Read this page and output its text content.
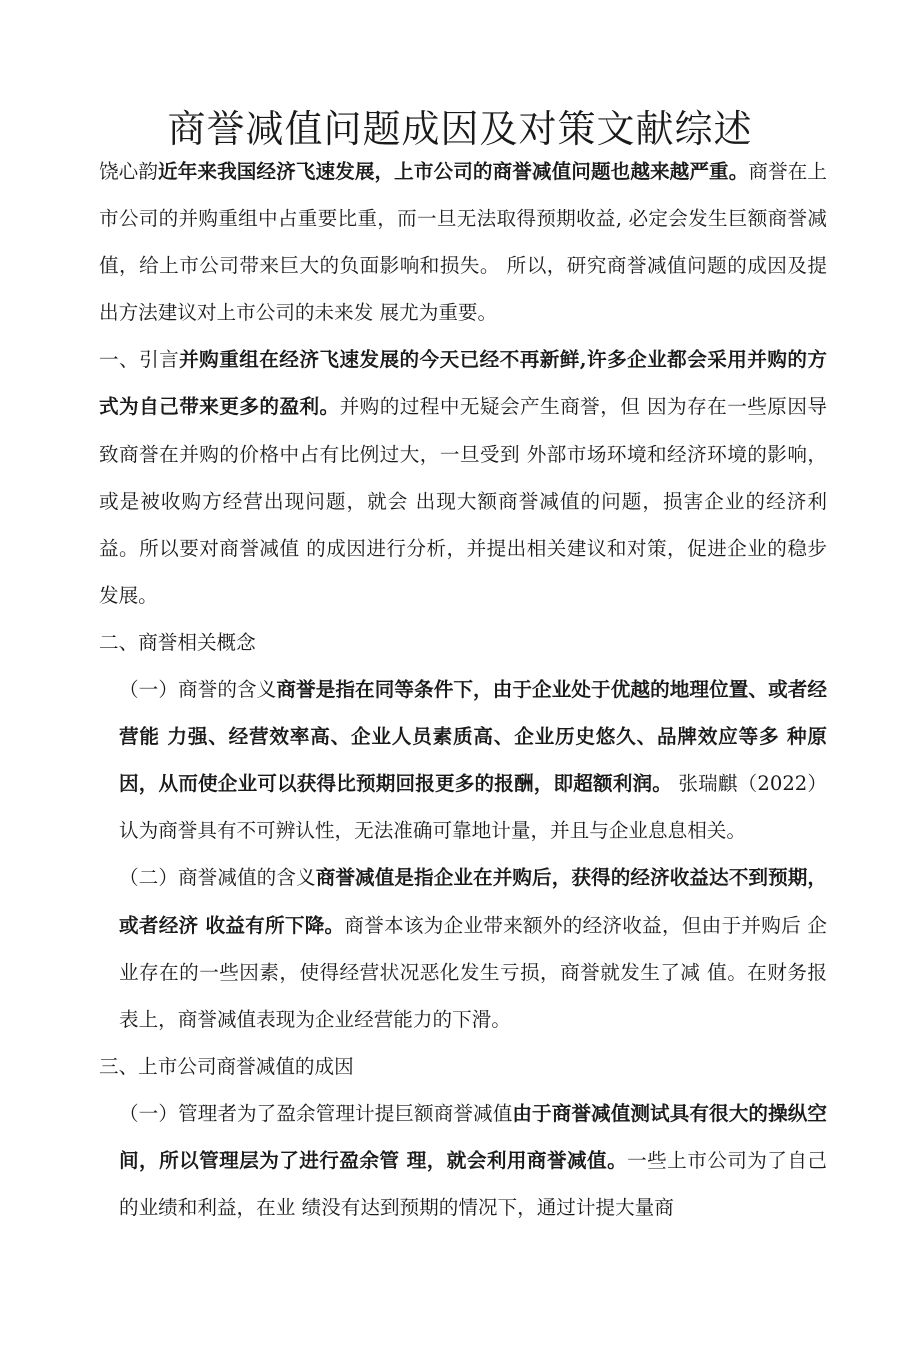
商誉减值问题成因及对策文献综述

饶心韵近年来我国经济飞速发展，上市公司的商誉减值问题也越来越严重。商誉在上市公司的并购重组中占重要比重，而一旦无法取得预期收益, 必定会发生巨额商誉减值，给上市公司带来巨大的负面影响和损失。 所以，研究商誉减值问题的成因及提出方法建议对上市公司的未来发 展尤为重要。

一、引言并购重组在经济飞速发展的今天已经不再新鲜,许多企业都会采用并购的方式为自己带来更多的盈利。并购的过程中无疑会产生商誉，但 因为存在一些原因导致商誉在并购的价格中占有比例过大，一旦受到 外部市场环境和经济环境的影响，或是被收购方经营出现问题，就会 出现大额商誉减值的问题，损害企业的经济利益。所以要对商誉减值 的成因进行分析，并提出相关建议和对策，促进企业的稳步发展。

二、商誉相关概念

（一）商誉的含义商誉是指在同等条件下，由于企业处于优越的地理位置、或者经营能 力强、经营效率高、企业人员素质高、企业历史悠久、品牌效应等多 种原因，从而使企业可以获得比预期回报更多的报酬，即超额利润。 张瑞麒（2022）认为商誉具有不可辨认性，无法准确可靠地计量，并且与企业息息相关。

（二）商誉减值的含义商誉减值是指企业在并购后，获得的经济收益达不到预期，或者经济 收益有所下降。商誉本该为企业带来额外的经济收益，但由于并购后 企业存在的一些因素，使得经营状况恶化发生亏损，商誉就发生了减 值。在财务报表上，商誉减值表现为企业经营能力的下滑。

三、上市公司商誉减值的成因

（一）管理者为了盈余管理计提巨额商誉减值由于商誉减值测试具有很大的操纵空间，所以管理层为了进行盈余管 理，就会利用商誉减值。一些上市公司为了自己的业绩和利益，在业 绩没有达到预期的情况下，通过计提大量商
